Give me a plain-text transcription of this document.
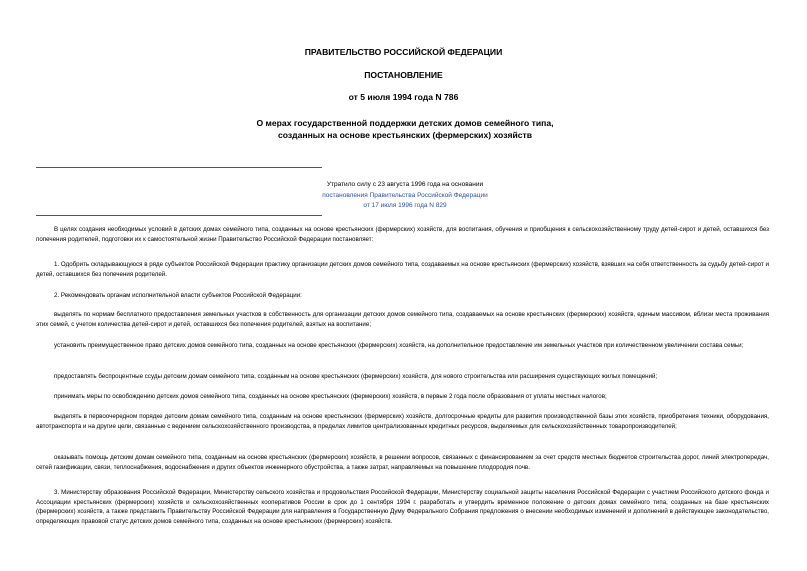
ПРАВИТЕЛЬСТВО РОССИЙСКОЙ ФЕДЕРАЦИИ
ПОСТАНОВЛЕНИЕ
от 5 июля 1994 года N 786
О мерах государственной поддержки детских домов семейного типа, созданных на основе крестьянских (фермерских) хозяйств
Утратило силу с 23 августа 1996 года на основании
постановления Правительства Российской Федерации
от 17 июля 1996 года N 829
В целях создания необходимых условий в детских домах семейного типа, созданных на основе крестьянских (фермерских) хозяйств, для воспитания, обучения и приобщения к сельскохозяйственному труду детей-сирот и детей, оставшихся без попечения родителей, подготовки их к самостоятельной жизни Правительство Российской Федерации постановляет:
1. Одобрить складывающуюся в ряде субъектов Российской Федерации практику организации детских домов семейного типа, создаваемых на основе крестьянских (фермерских) хозяйств, взявших на себя ответственность за судьбу детей-сирот и детей, оставшихся без попечения родителей.
2. Рекомендовать органам исполнительной власти субъектов Российской Федерации:
выделять по нормам бесплатного предоставления земельных участков в собственность для организации детских домов семейного типа, создаваемых на основе крестьянских (фермерских) хозяйств, единым массивом, вблизи места проживания этих семей, с учетом количества детей-сирот и детей, оставшихся без попечения родителей, взятых на воспитание;
установить преимущественное право детских домов семейного типа, созданных на основе крестьянских (фермерских) хозяйств, на дополнительное предоставление им земельных участков при количественном увеличении состава семьи;
предоставлять беспроцентные ссуды детским домам семейного типа, созданным на основе крестьянских (фермерских) хозяйств, для нового строительства или расширения существующих жилых помещений;
принимать меры по освобождению детских домов семейного типа, созданных на основе крестьянских (фермерских) хозяйств, в первые 2 года после образования от уплаты местных налогов;
выделять в первоочередном порядке детским домам семейного типа, созданным на основе крестьянских (фермерских) хозяйств, долгосрочные кредиты для развития производственной базы этих хозяйств, приобретения техники, оборудования, автотранспорта и на другие цели, связанные с ведением сельскохозяйственного производства, в пределах лимитов централизованных кредитных ресурсов, выделяемых для сельскохозяйственных товаропроизводителей;
оказывать помощь детским домам семейного типа, созданным на основе крестьянских (фермерских) хозяйств, в решении вопросов, связанных с финансированием за счет средств местных бюджетов строительства дорог, линий электропередач, сетей газификации, связи, теплоснабжения, водоснабжения и других объектов инженерного обустройства, а также затрат, направляемых на повышение плодородия почв.
3. Министерству образования Российской Федерации, Министерству сельского хозяйства и продовольствия Российской Федерации, Министерству социальной защиты населения Российской Федерации с участием Российского детского фонда и Ассоциации крестьянских (фермерских) хозяйств и сельскохозяйственных кооперативов России в срок до 1 сентября 1994 г. разработать и утвердить временное положение о детских домах семейного типа, созданных на базе крестьянских (фермерских) хозяйств, а также представить Правительству Российской Федерации для направления в Государственную Думу Федерального Собрания предложения о внесении необходимых изменений и дополнений в действующее законодательство, определяющих правовой статус детских домов семейного типа, созданных на основе крестьянских (фермерских) хозяйств.
